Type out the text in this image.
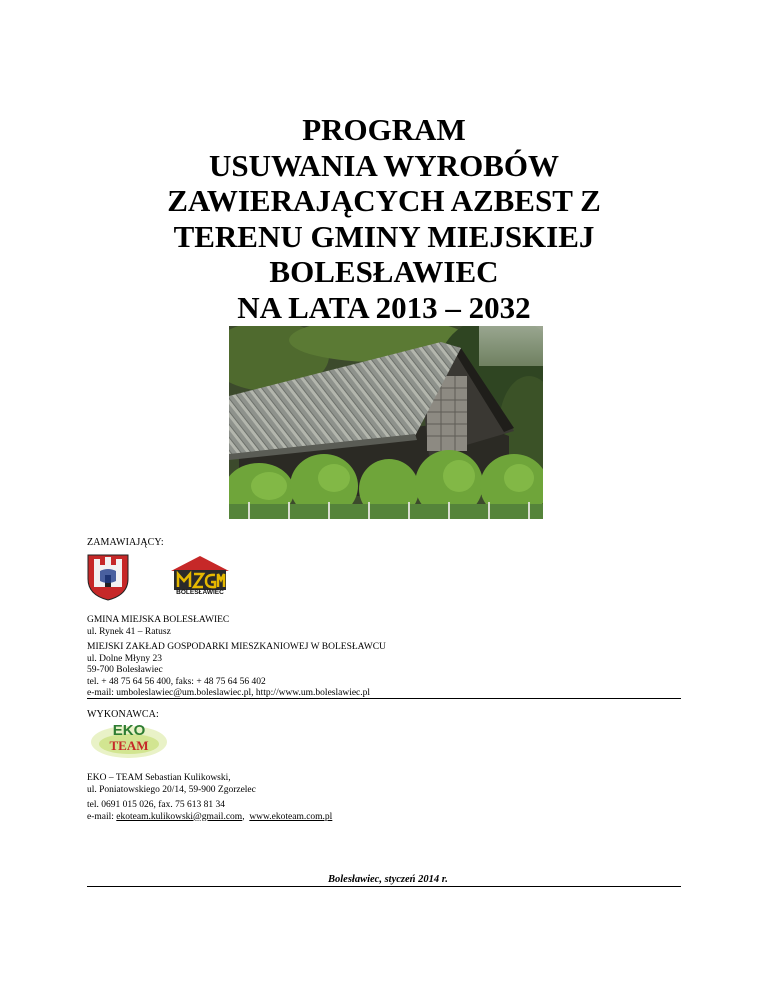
PROGRAM
USUWANIA WYROBÓW
ZAWIERAJĄCYCH AZBEST Z
TERENU GMINY MIEJSKIEJ
BOLESŁAWIEC
NA LATA 2013 – 2032
ZAMAWIAJĄCY:
BOLESŁAWIEC
GMINA MIEJSKA BOLESŁAWIEC
ul. Rynek 41 – Ratusz
MIEJSKI ZAKŁAD GOSPODARKI MIESZKANIOWEJ W BOLESŁAWCU
ul. Dolne Młyny 23
59-700 Bolesławiec
tel. + 48 75 64 56 400, faks: + 48 75 64 56 402
e-mail: umboleslawiec@um.boleslawiec.pl, http://www.um.boleslawiec.pl
WYKONAWCA:
EKO
TEAM
EKO – TEAM Sebastian Kulikowski,
ul. Poniatowskiego 20/14, 59-900 Zgorzelec
tel. 0691 015 026, fax. 75 613 81 34
e-mail: ekoteam.kulikowski@gmail.com,  www.ekoteam.com.pl
Bolesławiec, styczeń 2014 r.
